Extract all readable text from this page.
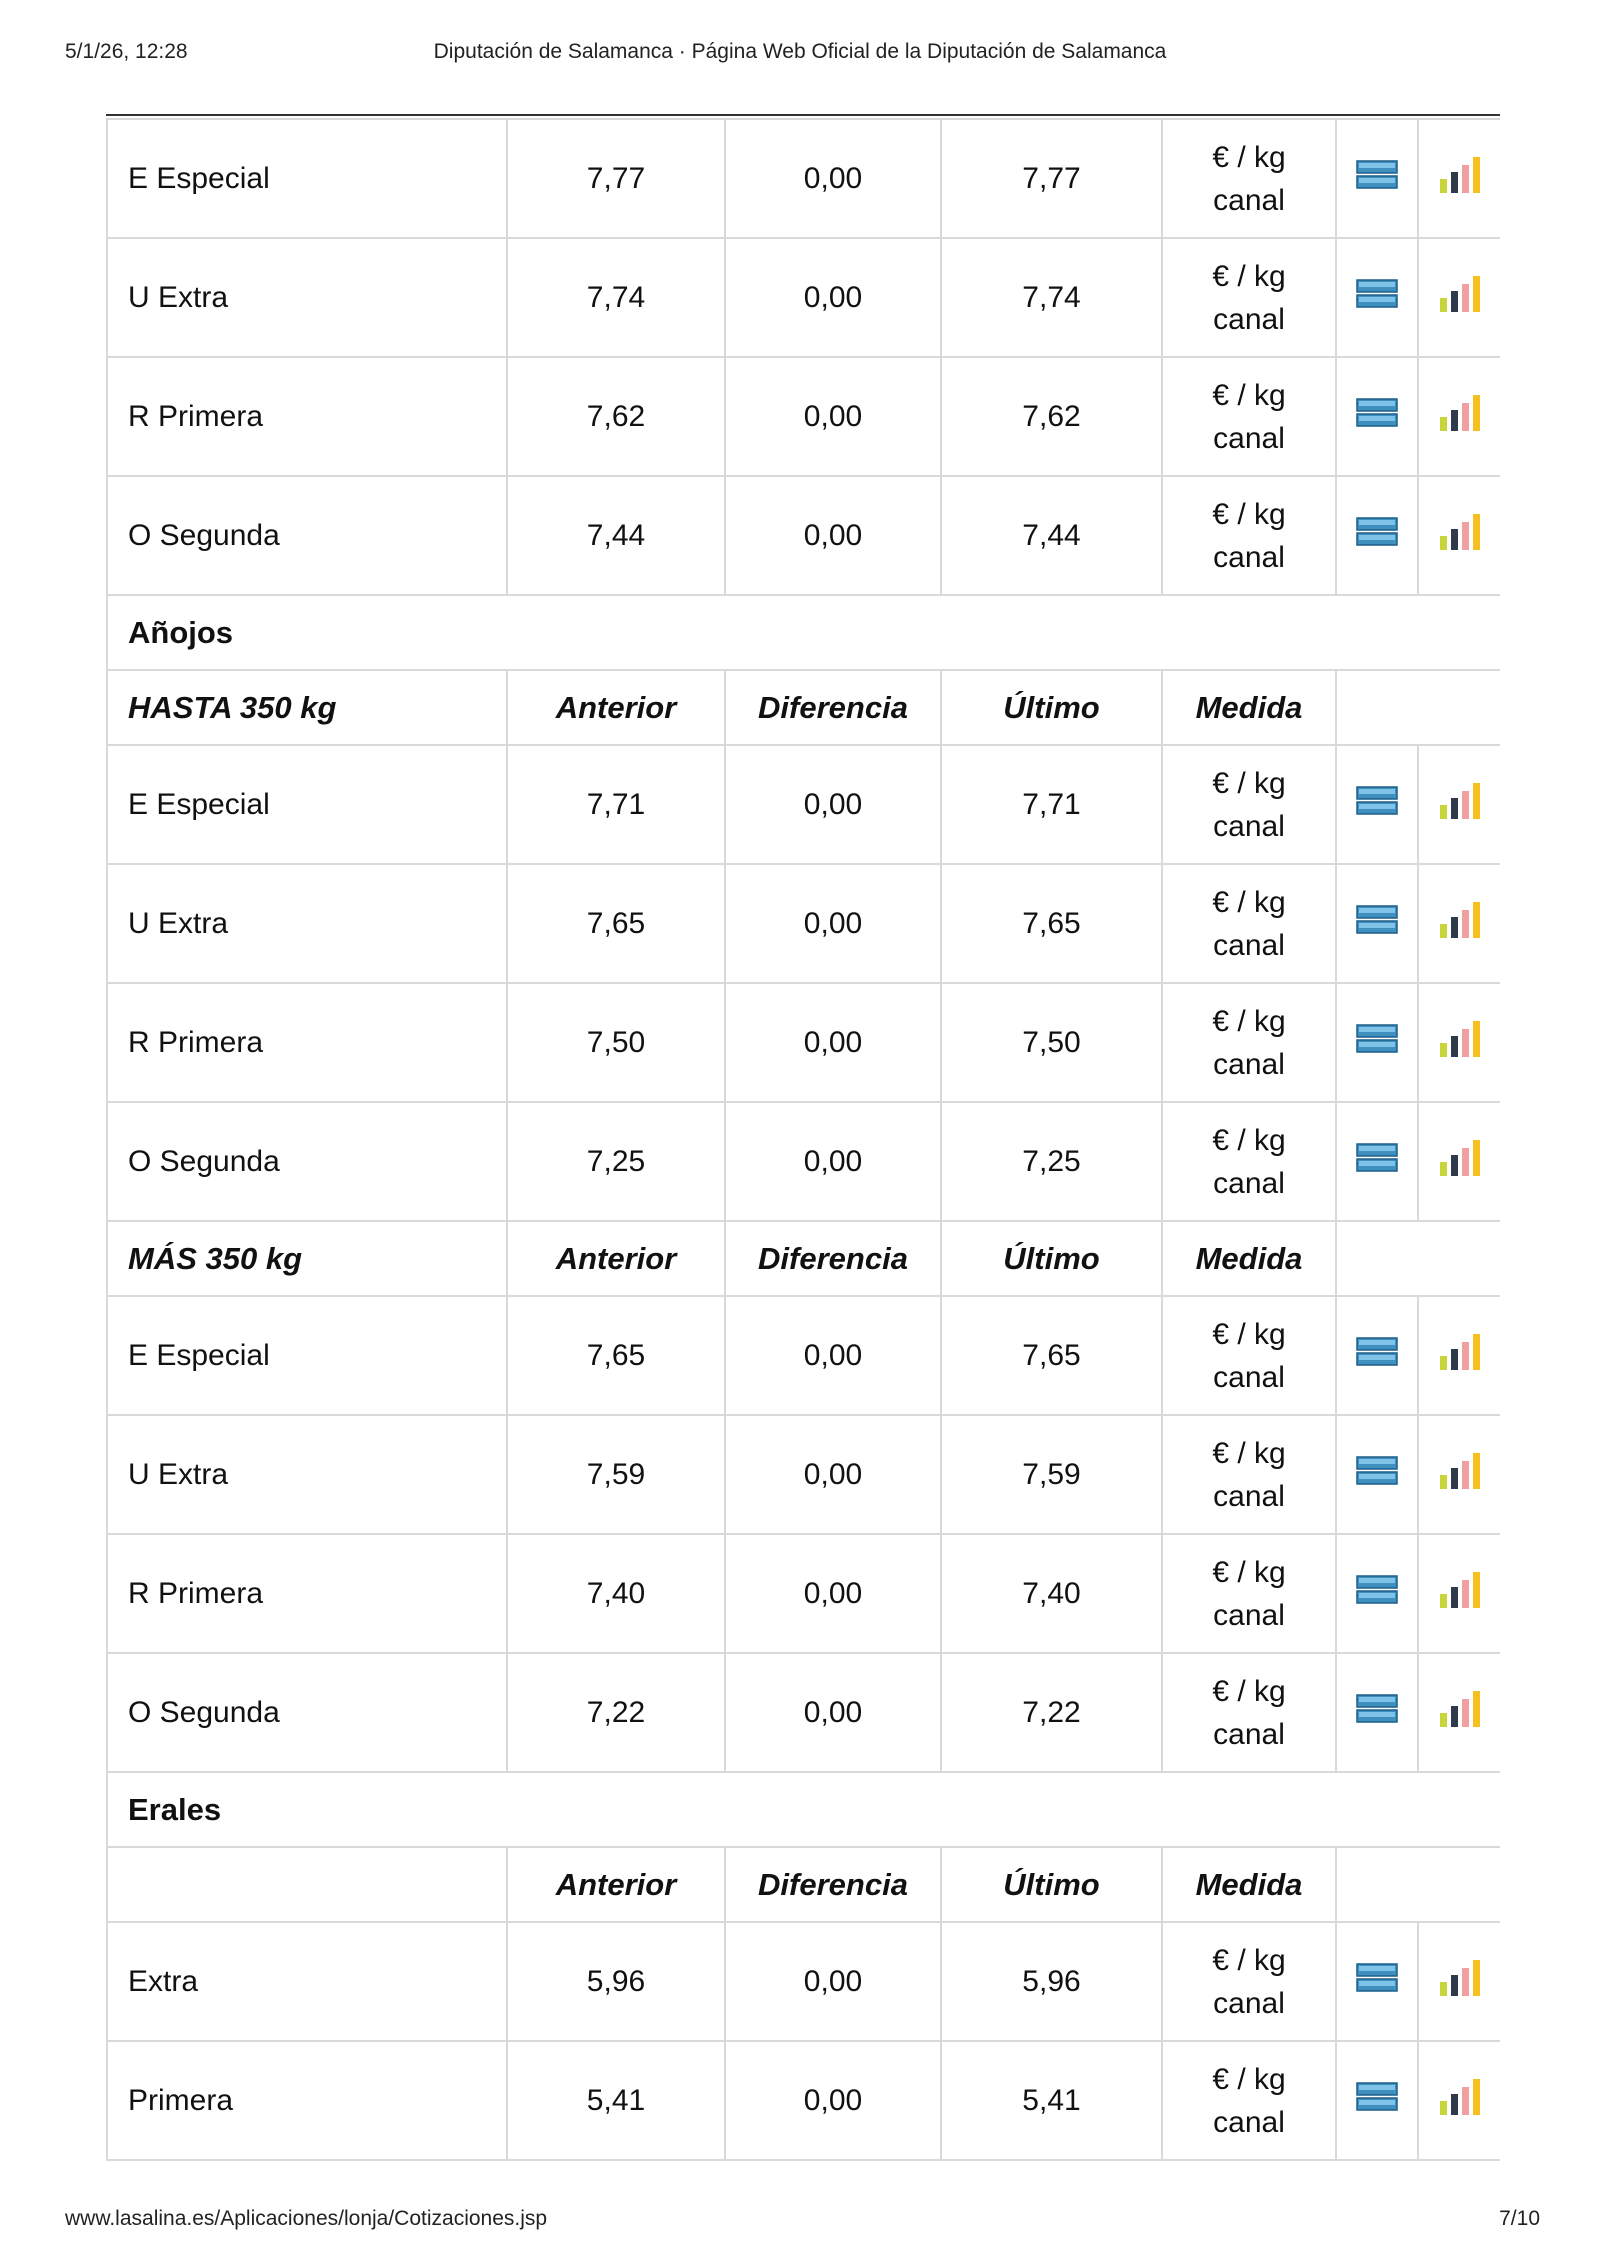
5/1/26, 12:28	Diputación de Salamanca · Página Web Oficial de la Diputación de Salamanca
E Especial	7,77	0,00	7,77	€ / kg
canal		
U Extra	7,74	0,00	7,74	€ / kg
canal		
R Primera	7,62	0,00	7,62	€ / kg
canal		
O Segunda	7,44	0,00	7,44	€ / kg
canal		
Añojos						
HASTA 350 kg	Anterior	Diferencia	Último	Medida		
E Especial	7,71	0,00	7,71	€ / kg
canal		
U Extra	7,65	0,00	7,65	€ / kg
canal		
R Primera	7,50	0,00	7,50	€ / kg
canal		
O Segunda	7,25	0,00	7,25	€ / kg
canal		
MÁS 350 kg	Anterior	Diferencia	Último	Medida		
E Especial	7,65	0,00	7,65	€ / kg
canal		
U Extra	7,59	0,00	7,59	€ / kg
canal		
R Primera	7,40	0,00	7,40	€ / kg
canal		
O Segunda	7,22	0,00	7,22	€ / kg
canal		
Erales						
	Anterior	Diferencia	Último	Medida		
Extra	5,96	0,00	5,96	€ / kg
canal		
Primera	5,41	0,00	5,41	€ / kg
canal		
www.lasalina.es/Aplicaciones/lonja/Cotizaciones.jsp	7/10
